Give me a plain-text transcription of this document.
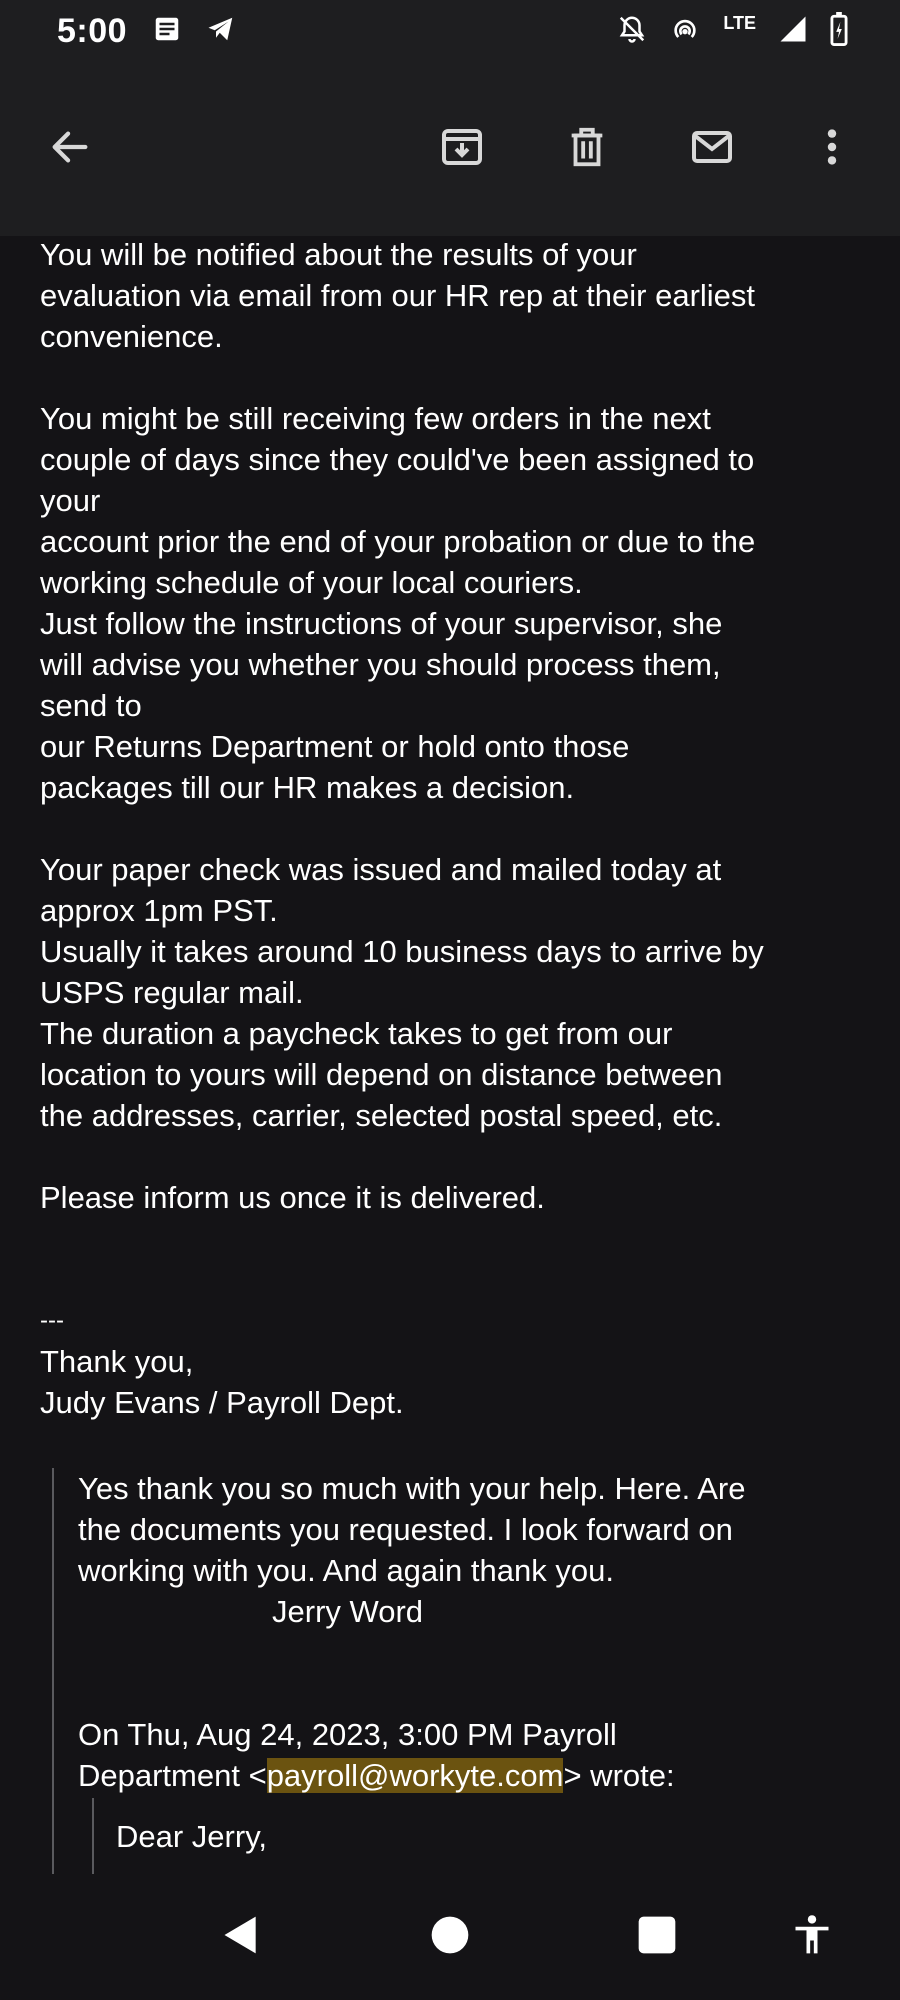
5:00	LTE

You will be notified about the results of your
evaluation via email from our HR rep at their earliest
convenience.

You might be still receiving few orders in the next
couple of days since they could've been assigned to
your
account prior the end of your probation or due to the
working schedule of your local couriers.
Just follow the instructions of your supervisor, she
will advise you whether you should process them,
send to
our Returns Department or hold onto those
packages till our HR makes a decision.

Your paper check was issued and mailed today at
approx 1pm PST.
Usually it takes around 10 business days to arrive by
USPS regular mail.
The duration a paycheck takes to get from our
location to yours will depend on distance between
the addresses, carrier, selected postal speed, etc.

Please inform us once it is delivered.

---

Thank you,

Judy Evans / Payroll Dept.

Yes thank you so much with your help. Here. Are
the documents you requested. I look forward on
working with you. And again thank you.

Jerry Word

On Thu, Aug 24, 2023, 3:00 PM Payroll
Department <payroll@workyte.com> wrote:

Dear Jerry,
